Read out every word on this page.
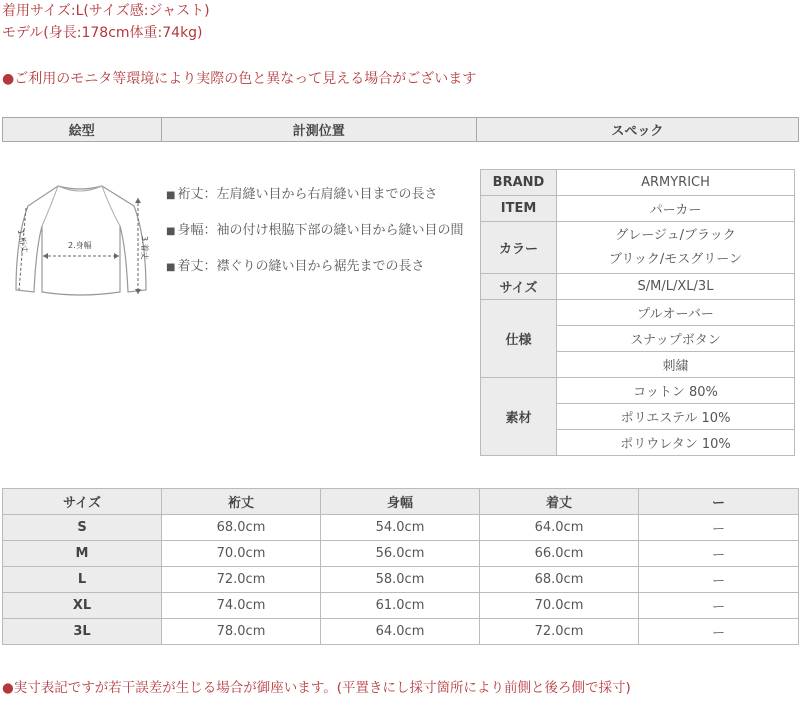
着用サイズ:L(サイズ感:ジャスト)
モデル(身長:178cm体重:74kg)
●ご利用のモニタ等環境により実際の色と異なって見える場合がございます
絵型	計測位置	スペック
1.裄丈	2.身幅	3.着丈
■ 裄丈：左肩縫い目から右肩縫い目までの長さ
■ 身幅：袖の付け根脇下部の縫い目から縫い目の間
■ 着丈：襟ぐりの縫い目から裾先までの長さ
BRAND	ARMYRICH
ITEM	パーカー
カラー	グレージュ/ブラック
ブリック/モスグリーン

サイズ	S/M/L/XL/3L
仕様	プルオーバー
	スナップボタン
	刺繍
素材	コットン 80%
	ポリエステル 10%
	ポリウレタン 10%
サイズ	裄丈	身幅	着丈	ー
S	68.0cm	54.0cm	64.0cm	ー
M	70.0cm	56.0cm	66.0cm	ー
L	72.0cm	58.0cm	68.0cm	ー
XL	74.0cm	61.0cm	70.0cm	ー
3L	78.0cm	64.0cm	72.0cm	ー
●実寸表記ですが若干誤差が生じる場合が御座います。(平置きにし採寸箇所により前側と後ろ側で採寸)
